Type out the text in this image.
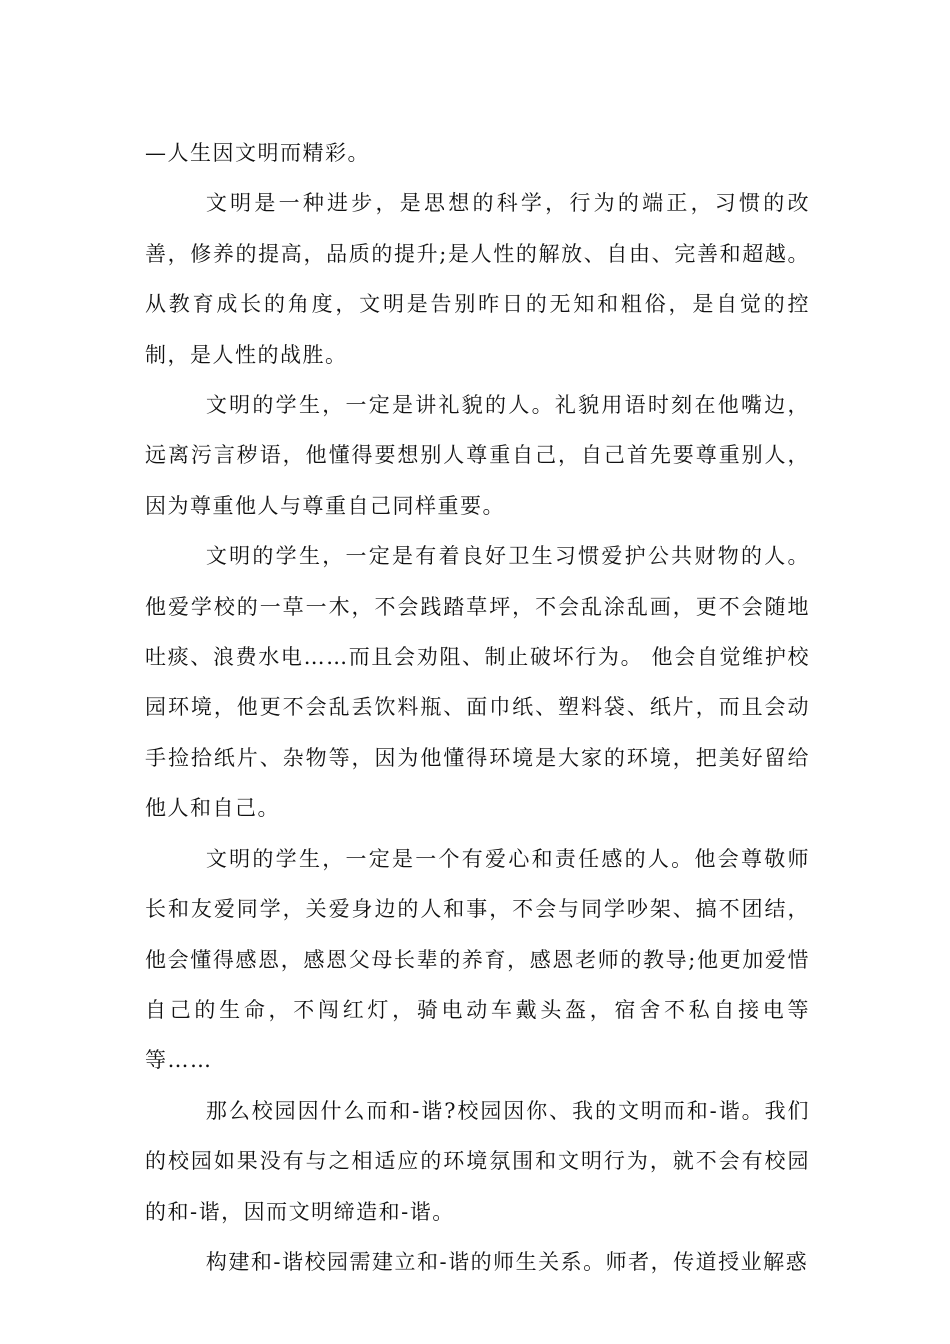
—人生因文明而精彩。

文明是一种进步，是思想的科学，行为的端正，习惯的改善，修养的提高，品质的提升;是人性的解放、自由、完善和超越。从教育成长的角度，文明是告别昨日的无知和粗俗，是自觉的控制，是人性的战胜。

文明的学生，一定是讲礼貌的人。礼貌用语时刻在他嘴边，远离污言秽语，他懂得要想别人尊重自己，自己首先要尊重别人，因为尊重他人与尊重自己同样重要。

文明的学生，一定是有着良好卫生习惯爱护公共财物的人。他爱学校的一草一木，不会践踏草坪，不会乱涂乱画，更不会随地吐痰、浪费水电……而且会劝阻、制止破坏行为。 他会自觉维护校园环境，他更不会乱丢饮料瓶、面巾纸、塑料袋、纸片，而且会动手捡拾纸片、杂物等，因为他懂得环境是大家的环境，把美好留给他人和自己。

文明的学生，一定是一个有爱心和责任感的人。他会尊敬师长和友爱同学，关爱身边的人和事，不会与同学吵架、搞不团结，他会懂得感恩，感恩父母长辈的养育，感恩老师的教导;他更加爱惜自己的生命，不闯红灯，骑电动车戴头盔，宿舍不私自接电等等……

那么校园因什么而和-谐?校园因你、我的文明而和-谐。我们的校园如果没有与之相适应的环境氛围和文明行为，就不会有校园的和-谐，因而文明缔造和-谐。

构建和-谐校园需建立和-谐的师生关系。师者，传道授业解惑
